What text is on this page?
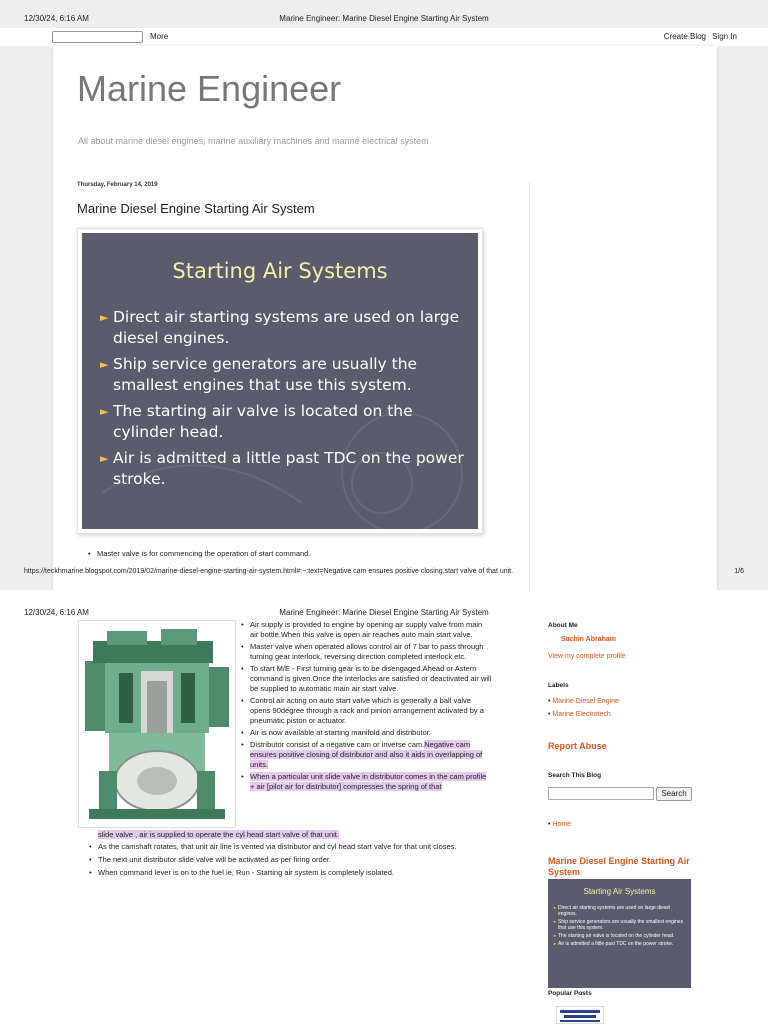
12/30/24, 6:16 AM	Marine Engineer: Marine Diesel Engine Starting Air System
More	Create Blog Sign In
Marine Engineer
All about marine diesel engines, marine auxiliary machines and marine electrical system
Thursday, February 14, 2019
Marine Diesel Engine Starting Air System
Starting Air Systems
► Direct air starting systems are used on large diesel engines.
► Ship service generators are usually the smallest engines that use this system.
► The starting air valve is located on the cylinder head.
► Air is admitted a little past TDC on the power stroke.
• Master valve is for commencing the operation of start command.
https://teckhmarine.blogspot.com/2019/02/marine-diesel-engine-starting-air-system.html#:~:text=Negative cam ensures positive closing,start valve of that unit.	1/6
12/30/24, 6:16 AM	Marine Engineer: Marine Diesel Engine Starting Air System
• Air supply is provided to engine by opening air supply valve from main air bottle.When this valve is open air reaches auto main start valve.
• Master valve when operated allows control air of 7 bar to pass through turning gear interlock, reversing direction completed interlock etc.
• To start M/E - First turning gear is to be disengaged.Ahead or Astern command is given.Once the interlocks are satisfied or deactivated air will be supplied to automatic main air start valve.
• Control air acting on auto start valve which is generally a ball valve opens 90degree through a rack and pinion arrangement activated by a pneumatic piston or actuator.
• Air is now available at starting manifold and distributor.
• Distributor consist of a negative cam or inverse cam.Negative cam ensures positive closing of distributor and also it aids in overlapping of units.
• When a particular unit slide valve in distributor comes in the cam profile + air [pilot air for distributor] compresses the spring of that
slide valve , air is supplied to operate the cyl head start valve of that unit.
• As the camshaft rotates, that unit air line is vented via distributor and cyl head start valve for that unit closes.
• The next unit distributor slide valve will be activated as per firing order.
• When command lever is on to the fuel ie, Run - Starting air system is completely isolated.
About Me
Sachin Abraham
View my complete profile
Labels
• Marine Diesel Engine
• Marine Electrotech
Report Abuse
Search This Blog
Search
• Home
Marine Diesel Engine Starting Air System
Starting Air Systems
► Direct air starting systems are used on large diesel engines.
► Ship service generators are usually the smallest engines that use this system.
► The starting air valve is located on the cylinder head.
► Air is admitted a little past TDC on the power stroke.
Popular Posts
